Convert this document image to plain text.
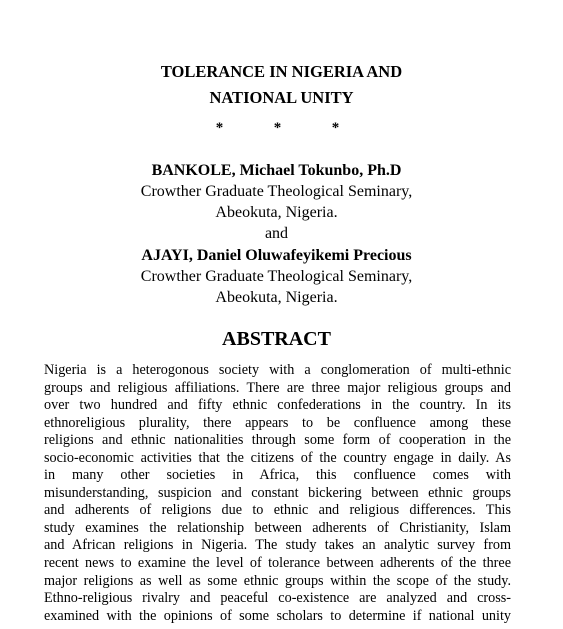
TOLERANCE IN NIGERIA AND

NATIONAL UNITY

*	*	*

BANKOLE, Michael Tokunbo, Ph.D

Crowther Graduate Theological Seminary,

Abeokuta, Nigeria.

and

AJAYI, Daniel Oluwafeyikemi Precious

Crowther Graduate Theological Seminary,

Abeokuta, Nigeria.

ABSTRACT
Nigeria is a heterogonous society with a conglomeration of multi-ethnic
groups and religious affiliations. There are three major religious groups and
over two hundred and fifty ethnic confederations in the country. In its
ethnoreligious plurality, there appears to be confluence among these
religions and ethnic nationalities through some form of cooperation in the
socio-economic activities that the citizens of the country engage in daily. As
in many other societies in Africa, this confluence comes with
misunderstanding, suspicion and constant bickering between ethnic groups
and adherents of religions due to ethnic and religious differences. This
study examines the relationship between adherents of Christianity, Islam
and African religions in Nigeria. The study takes an analytic survey from
recent news to examine the level of tolerance between adherents of the three
major religions as well as some ethnic groups within the scope of the study.
Ethno-religious rivalry and peaceful co-existence are analyzed and cross-
examined with the opinions of some scholars to determine if national unity
